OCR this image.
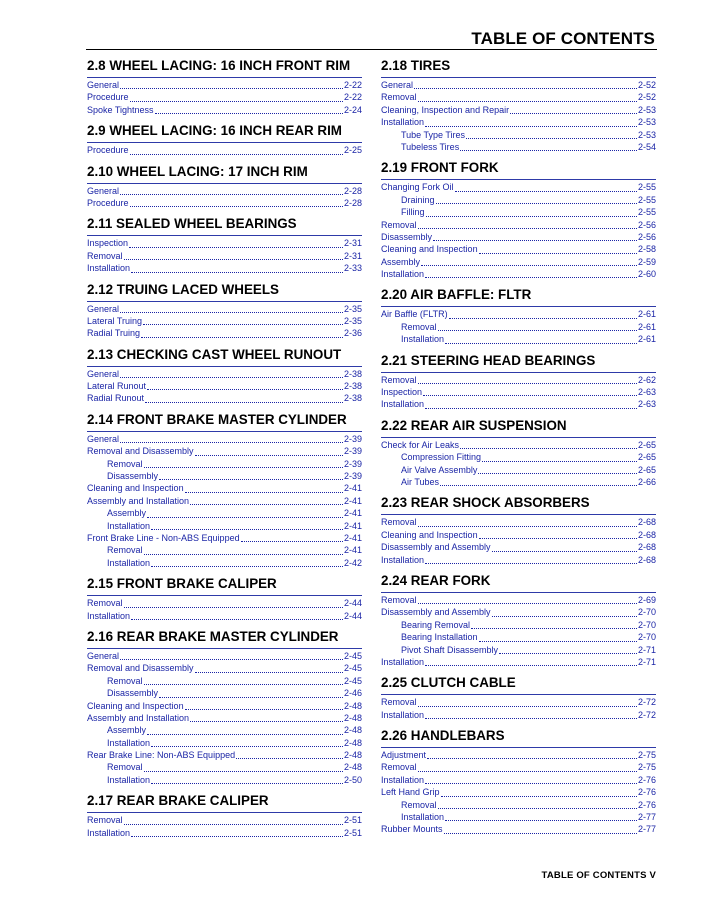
TABLE OF CONTENTS
2.8 WHEEL LACING: 16 INCH FRONT RIM
General	2-22
Procedure	2-22
Spoke Tightness	2-24
2.9 WHEEL LACING: 16 INCH REAR RIM
Procedure	2-25
2.10 WHEEL LACING: 17 INCH RIM
General	2-28
Procedure	2-28
2.11 SEALED WHEEL BEARINGS
Inspection	2-31
Removal	2-31
Installation	2-33
2.12 TRUING LACED WHEELS
General	2-35
Lateral Truing	2-35
Radial Truing	2-36
2.13 CHECKING CAST WHEEL RUNOUT
General	2-38
Lateral Runout	2-38
Radial Runout	2-38
2.14 FRONT BRAKE MASTER CYLINDER
General	2-39
Removal and Disassembly	2-39
Removal	2-39
Disassembly	2-39
Cleaning and Inspection	2-41
Assembly and Installation	2-41
Assembly	2-41
Installation	2-41
Front Brake Line - Non-ABS Equipped	2-41
Removal	2-41
Installation	2-42
2.15 FRONT BRAKE CALIPER
Removal	2-44
Installation	2-44
2.16 REAR BRAKE MASTER CYLINDER
General	2-45
Removal and Disassembly	2-45
Removal	2-45
Disassembly	2-46
Cleaning and Inspection	2-48
Assembly and Installation	2-48
Assembly	2-48
Installation	2-48
Rear Brake Line: Non-ABS Equipped	2-48
Removal	2-48
Installation	2-50
2.17 REAR BRAKE CALIPER
Removal	2-51
Installation	2-51
2.18 TIRES
General	2-52
Removal	2-52
Cleaning, Inspection and Repair	2-53
Installation	2-53
Tube Type Tires	2-53
Tubeless Tires	2-54
2.19 FRONT FORK
Changing Fork Oil	2-55
Draining	2-55
Filling	2-55
Removal	2-56
Disassembly	2-56
Cleaning and Inspection	2-58
Assembly	2-59
Installation	2-60
2.20 AIR BAFFLE: FLTR
Air Baffle (FLTR)	2-61
Removal	2-61
Installation	2-61
2.21 STEERING HEAD BEARINGS
Removal	2-62
Inspection	2-63
Installation	2-63
2.22 REAR AIR SUSPENSION
Check for Air Leaks	2-65
Compression Fitting	2-65
Air Valve Assembly	2-65
Air Tubes	2-66
2.23 REAR SHOCK ABSORBERS
Removal	2-68
Cleaning and Inspection	2-68
Disassembly and Assembly	2-68
Installation	2-68
2.24 REAR FORK
Removal	2-69
Disassembly and Assembly	2-70
Bearing Removal	2-70
Bearing Installation	2-70
Pivot Shaft Disassembly	2-71
Installation	2-71
2.25 CLUTCH CABLE
Removal	2-72
Installation	2-72
2.26 HANDLEBARS
Adjustment	2-75
Removal	2-75
Installation	2-76
Left Hand Grip	2-76
Removal	2-76
Installation	2-77
Rubber Mounts	2-77
TABLE OF CONTENTS V
